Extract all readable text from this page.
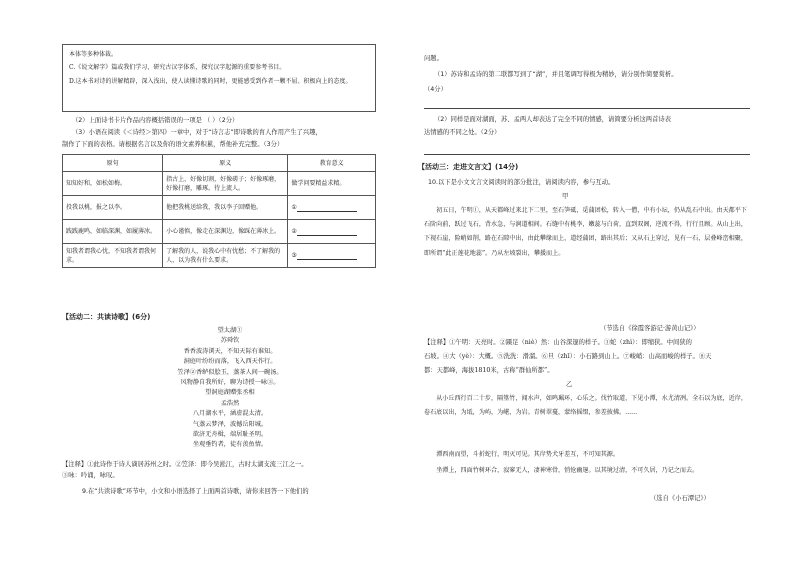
本体等多种体裁。

C.《说文解字》篇或我们学习，研究古汉字体系，探究汉字起源的重要参考书目。

D.这本书对诗的讲解精辟，深入浅出，使人读懂诗歌的同时，更能感受到作者一颗不屈、积极向上的态度。

（2）上面诗书卡片作品内容概括错误的一项是 （ ）（2分）
（3）小语在阅读《＜诗经＞第四》一章中，对于“诗言志”即诗歌的育人作用产生了兴趣，
制作了下面的表格。请根据名言以及你的语文素养积累，帮他补充完整。（3分）
原句	原义	教育意义
知知好和，如松如梅。	指古上，好像切割，好像磋子；好像琢磨，好像打磨，雕琢。待上流人。	做学问要精益求精。
投我以桃，报之以李。	他把我桃送给我，我以李子回赠他。	①
践践鹿鸣，如临深渊，如履薄冰。	小心谨慎，像走在深渊边，像踩在薄冰上。	②
知我者谓我心忧，不知我者谓我何求。	了解我的人，说我心中有忧愁；不了解我的人，以为我有什么要求。	③
【活动二：共读诗歌】(6分)
望太湖①
苏舜钦
香香波涛浏天，不知天际有谁知。
洞庭叶纷纷而落，飞入西天作行。
笠泽②香鲈似脍玉，蒸茶人间一碗汤。
风物静自我所好，聊为诗授一咏③。
望洞庭湖赠张丞相
孟浩然
八月湖水平，涵虚混太清。
气蒸云梦泽，波撼岳阳城。
欲济无舟楫，端居耻圣明。
坐观垂钓者，徒有羡鱼情。
【注释】①此诗作于诗人谪居苏州之时。②笠泽：即今吴淞江，古时太湖支流三江之一。
③咏：吟诵，咏叹。
9.在“共读诗歌”环节中，小文和小语选择了上面两首诗歌，请你来回答一下他们的
问题。
（1）苏诗和孟诗的第二联都写到了“湖”，并且笔调写得极为精妙，请分别作简要赏析。
（4分）
（2）同样是面对湖面，苏、孟两人却表达了完全不同的情感，请简要分析这两首诗表
达情感的不同之处。（2分）
【活动三：走进文言文】(14分)
10.以下是小文文言文阅读时的部分批注，请阅读内容，参与互动。
甲
初五日，午明①，从天都峰过来北下二里，至石笋砥，觅蒲团松，转入一僧，中有小坛，仍从乱石中出。由天都平下石阶向前，跃过飞石，背水急，与涧道相间。石缝中有桃李，嫩蕊与白荷，直到双阁，逆流不得，行行且顾。从山上出，下视石崖，险峭如削，路在石隙中出，由此攀缘而上，道经蒲团，路出其后；又从石上穿过，见有一石，层叠峰峦相聚，即所谓“此正莲花地蕊”。乃从左坡裂出，攀援而上。
（节选自《徐霞客游记·游黄山记》）
【注释】①午明：天亮时。②蹑足（niè）然：山谷深邃的样子。③蛇（zhì）：即缩狭。中间狭的
石坡。④大（yè）：大概。⑤洗洗：滑溜。⑥旦（zhī）：小石路到山上。⑦峻峭：山高而峻的样子。⑧天
都：天都峰，海拔1810米，古称“群仙所都”。
乙
从小丘西行百二十步，隔篁竹，闻水声，如鸣珮环，心乐之。伐竹取道，下见小潭，水尤清冽。全石以为底，近岸，卷石底以出，为坻，为屿，为嵁，为岩。青树翠蔓，蒙络摇缀，参差披拂。……
潭西南而望，斗折蛇行，明灭可见。其岸势犬牙差互，不可知其源。
坐潭上，四面竹树环合，寂寥无人，凄神寒骨，悄怆幽邃。以其境过清，不可久居，乃记之而去。
（选自《小石潭记》）
